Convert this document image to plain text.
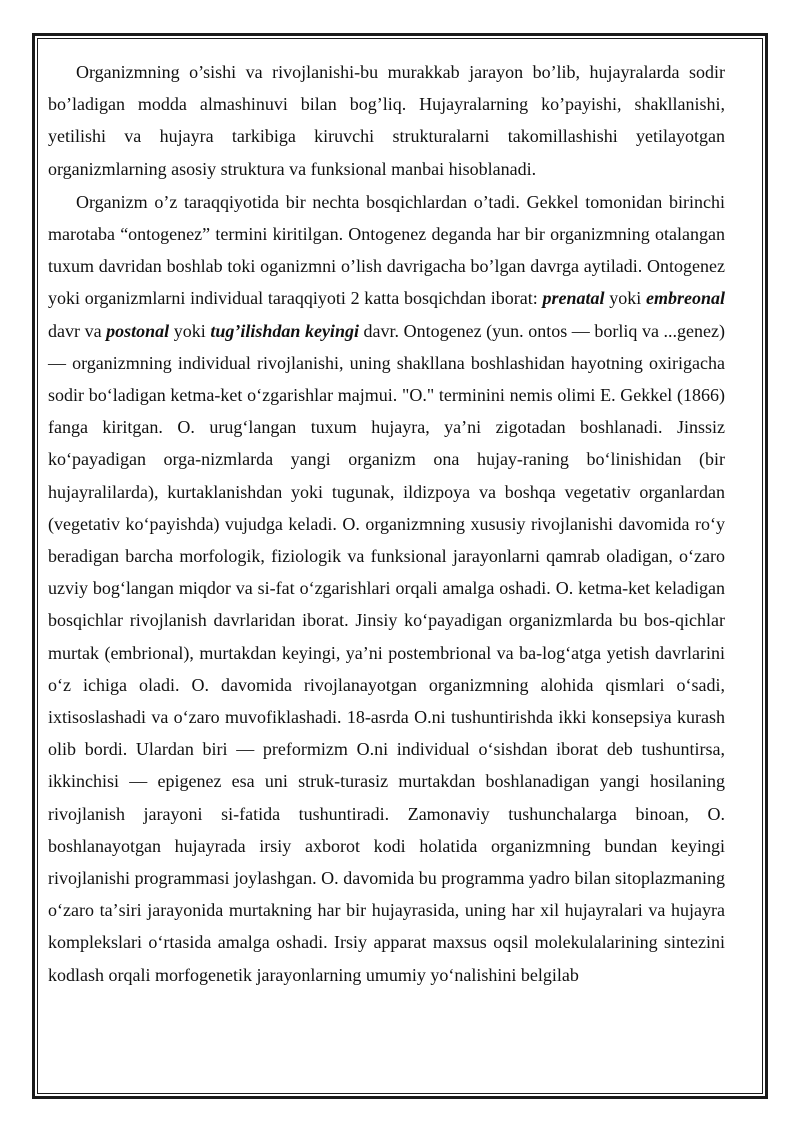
Organizmning o’sishi va rivojlanishi-bu murakkab jarayon bo’lib, hujayralarda sodir bo’ladigan modda almashinuvi bilan bog’liq. Hujayralarning ko’payishi, shakllanishi, yetilishi va hujayra tarkibiga kiruvchi strukturalarni takomillashishi yetilayotgan organizmlarning asosiy struktura va funksional manbai hisoblanadi.

Organizm o’z taraqqiyotida bir nechta bosqichlardan o’tadi. Gekkel tomonidan birinchi marotaba “ontogenez” termini kiritilgan. Ontogenez deganda har bir organizmning otalangan tuxum davridan boshlab toki oganizmni o’lish davrigacha bo’lgan davrga aytiladi. Ontogenez yoki organizmlarni individual taraqqiyoti 2 katta bosqichdan iborat: prenatal yoki embreonal davr va postonal yoki tug’ilishdan keyingi davr. Ontogenez (yun. ontos — borliq va ...genez) — organizmning individual rivojlanishi, uning shakllana boshlashidan hayotning oxirigacha sodir boʻladigan ketma-ket oʻzgarishlar majmui. "O." terminini nemis olimi E. Gekkel (1866) fanga kiritgan. O. urugʻlangan tuxum hujayra, yaʼni zigotadan boshlanadi. Jinssiz koʻpayadigan orga-nizmlarda yangi organizm ona hujay-raning boʻlinishidan (bir hujayralilarda), kurtaklanishdan yoki tugunak, ildizpoya va boshqa vegetativ organlardan (vegetativ koʻpayishda) vujudga keladi. O. organizmning xususiy rivojlanishi davomida roʻy beradigan barcha morfologik, fiziologik va funksional jarayonlarni qamrab oladigan, oʻzaro uzviy bogʻlangan miqdor va si-fat oʻzgarishlari orqali amalga oshadi. O. ketma-ket keladigan bosqichlar rivojlanish davrlaridan iborat. Jinsiy koʻpayadigan organizmlarda bu bos-qichlar murtak (embrional), murtakdan keyingi, yaʼni postembrional va ba-logʻatga yetish davrlarini oʻz ichiga oladi. O. davomida rivojlanayotgan organizmning alohida qismlari oʻsadi, ixtisoslashadi va oʻzaro muvofiklashadi. 18-asrda O.ni tushuntirishda ikki konsepsiya kurash olib bordi. Ulardan biri — preformizm O.ni individual oʻsishdan iborat deb tushuntirsa, ikkinchisi — epigenez esa uni struk-turasiz murtakdan boshlanadigan yangi hosilaning rivojlanish jarayoni si-fatida tushuntiradi. Zamonaviy tushunchalarga binoan, O. boshlanayotgan hujayrada irsiy axborot kodi holatida organizmning bundan keyingi rivojlanishi programmasi joylashgan. O. davomida bu programma yadro bilan sitoplazmaning oʻzaro taʼsiri jarayonida murtakning har bir hujayrasida, uning har xil hujayralari va hujayra komplekslari oʻrtasida amalga oshadi. Irsiy apparat maxsus oqsil molekulalarining sintezini kodlash orqali morfogenetik jarayonlarning umumiy yoʻnalishini belgilab
